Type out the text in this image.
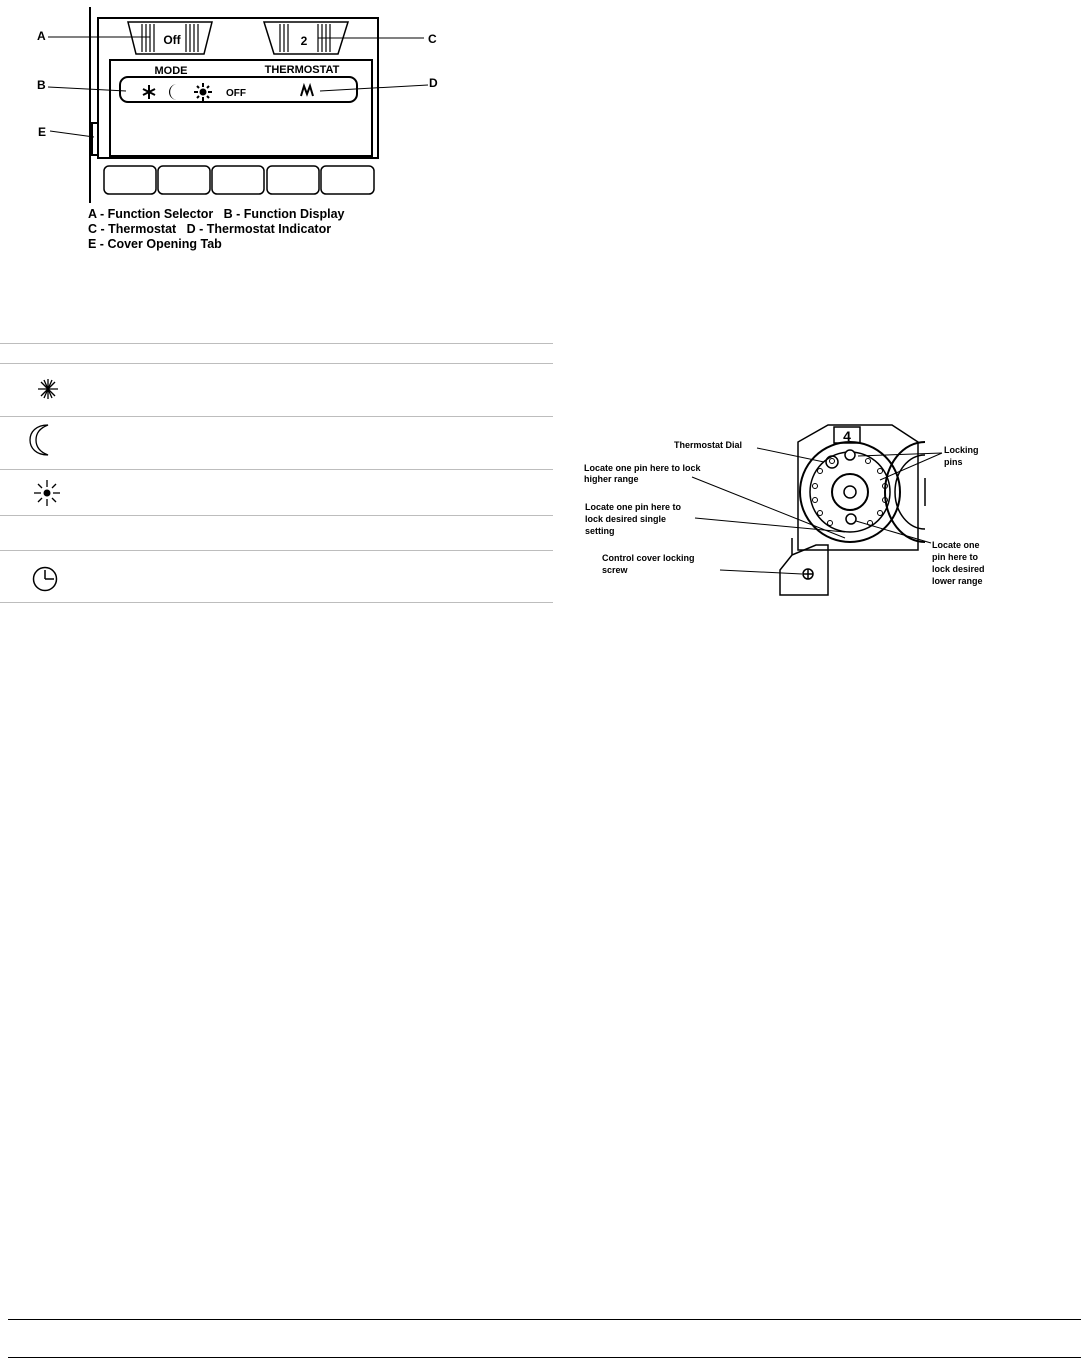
Off	2
MODE	THERMOSTAT
OFF
A
B
E
C
D
A - Function Selector   B - Function Display
C - Thermostat   D - Thermostat Indicator
E - Cover Opening Tab
4
Thermostat Dial	Locking
pins
Locate one pin here to lock
higher range
Locate one pin here to
lock desired single
setting
Control cover locking
screw
Locate one
pin here to
lock desired
lower range
